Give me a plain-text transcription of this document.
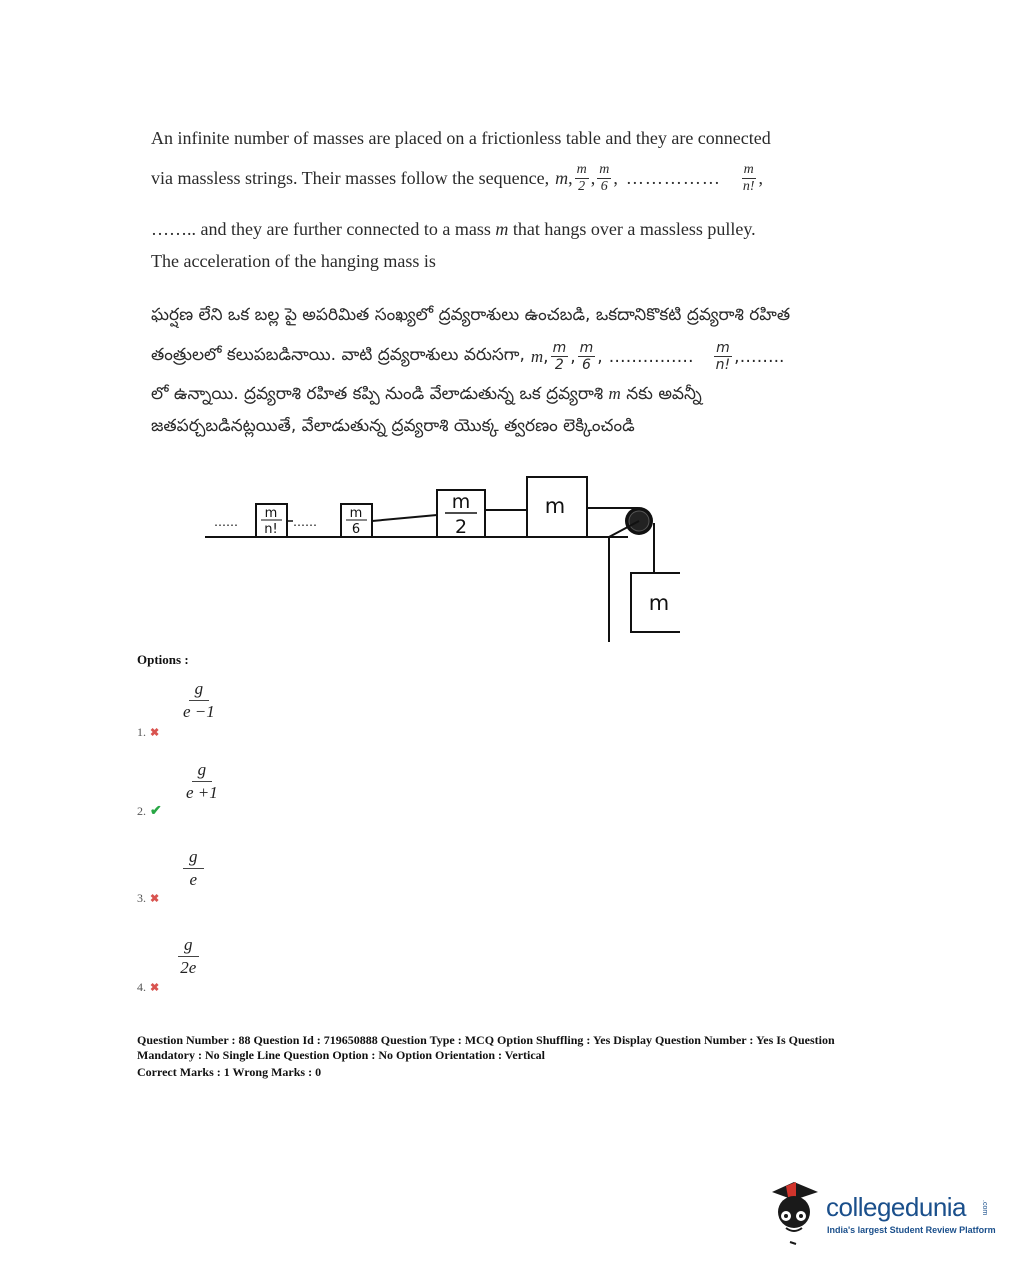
An infinite number of masses are placed on a frictionless table and they are connected
via massless strings. Their masses follow the sequence, m , $\frac{m}{2}$ , $\frac{m}{6}$ , …………… $\frac{m}{n!}$ ,
…….. and they are further connected to a mass m that hangs over a massless pulley.
The acceleration of the hanging mass is
ఘర్షణ లేని ఒక బల్ల పై అపరిమిత సంఖ్యలో ద్రవ్యరాశులు ఉంచబడి, ఒకదానికొకటి ద్రవ్యరాశి రహిత
తంత్రులలో కలుపబడినాయి. వాటి ద్రవ్యరాశులు వరుసగా, m , $\frac{m}{2}$ , $\frac{m}{6}$ , …………… $\frac{m}{n!}$ , ……..
లో ఉన్నాయి. ద్రవ్యరాశి రహిత కప్పి నుండి వేలాడుతున్న ఒక ద్రవ్యరాశి m నకు అవన్నీ
జతపర్చబడినట్లయితే, వేలాడుతున్న ద్రవ్యరాశి యొక్క త్వరణం లెక్కించండి
……	……
m
n!
m
6
m
2
m
m
Options :
$\frac{g}{e -1}$
1. ✖
$\frac{g}{e +1}$
2. ✔
$\frac{g}{e}$
3. ✖
$\frac{g}{2e}$
4. ✖
Question Number : 88 Question Id : 719650888 Question Type : MCQ Option Shuffling : Yes Display Question Number : Yes Is Question
Mandatory : No Single Line Question Option : No Option Orientation : Vertical
Correct Marks : 1 Wrong Marks : 0
collegedunia .com
India's largest Student Review Platform
